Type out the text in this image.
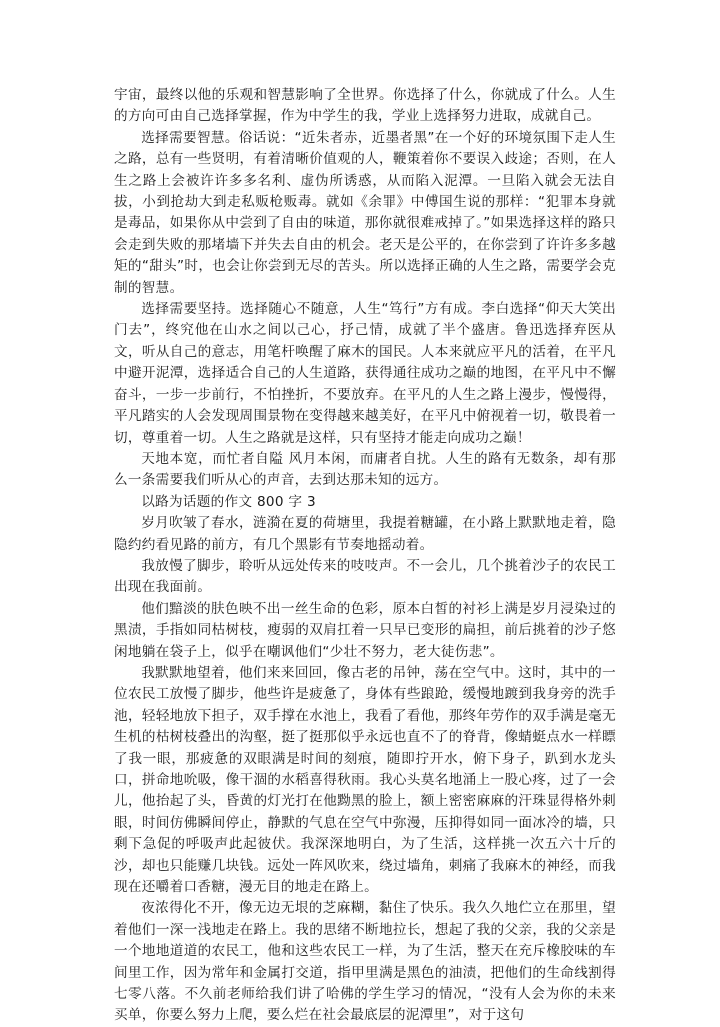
宇宙，最终以他的乐观和智慧影响了全世界。你选择了什么，你就成了什么。人生的方向可由自己选择掌握，作为中学生的我，学业上选择努力进取，成就自己。

选择需要智慧。俗话说：“近朱者赤，近墨者黑”在一个好的环境氛围下走人生之路，总有一些贤明，有着清晰价值观的人，鞭策着你不要误入歧途；否则，在人生之路上会被许许多多名利、虚伪所诱惑，从而陷入泥潭。一旦陷入就会无法自拔，小到抢劫大到走私贩枪贩毒。就如《余罪》中傅国生说的那样：“犯罪本身就是毒品，如果你从中尝到了自由的味道，那你就很难戒掉了。”如果选择这样的路只会走到失败的那堵墙下并失去自由的机会。老天是公平的，在你尝到了许许多多越矩的“甜头”时，也会让你尝到无尽的苦头。所以选择正确的人生之路，需要学会克制的智慧。

选择需要坚持。选择随心不随意，人生“笃行”方有成。李白选择“仰天大笑出门去”，终究他在山水之间以己心，抒己情，成就了半个盛唐。鲁迅选择弃医从文，听从自己的意志，用笔杆唤醒了麻木的国民。人本来就应平凡的活着，在平凡中避开泥潭，选择适合自己的人生道路，获得通往成功之巅的地图，在平凡中不懈奋斗，一步一步前行，不怕挫折，不要放弃。在平凡的人生之路上漫步，慢慢得，平凡踏实的人会发现周围景物在变得越来越美好，在平凡中俯视着一切，敬畏着一切，尊重着一切。人生之路就是这样，只有坚持才能走向成功之巅！

天地本宽，而忙者自隘 风月本闲，而庸者自扰。人生的路有无数条，却有那么一条需要我们听从心的声音，去到达那未知的远方。

以路为话题的作文 800 字 3

岁月吹皱了春水，涟漪在夏的荷塘里，我提着糖罐，在小路上默默地走着，隐隐约约看见路的前方，有几个黑影有节奏地摇动着。

我放慢了脚步，聆听从远处传来的吱吱声。不一会儿，几个挑着沙子的农民工出现在我面前。

他们黯淡的肤色映不出一丝生命的色彩，原本白皙的衬衫上满是岁月浸染过的黑渍，手指如同枯树枝，瘦弱的双肩扛着一只早已变形的扁担，前后挑着的沙子悠闲地躺在袋子上，似乎在嘲讽他们“少壮不努力，老大徒伤悲”。

我默默地望着，他们来来回回，像古老的吊钟，荡在空气中。这时，其中的一位农民工放慢了脚步，他些许是疲惫了，身体有些踉跄，缓慢地踱到我身旁的洗手池，轻轻地放下担子，双手撑在水池上，我看了看他，那终年劳作的双手满是毫无生机的枯树枝叠出的沟壑，挺了挺那似乎永远也直不了的脊背，像蜻蜓点水一样瞟了我一眼，那疲惫的双眼满是时间的刻痕，随即拧开水，俯下身子，趴到水龙头口，拼命地吮吸，像干涸的水稻喜得秋雨。我心头莫名地涌上一股心疼，过了一会儿，他抬起了头，昏黄的灯光打在他黝黑的脸上，额上密密麻麻的汗珠显得格外刺眼，时间仿佛瞬间停止，静默的气息在空气中弥漫，压抑得如同一面冰冷的墙，只剩下急促的呼吸声此起彼伏。我深深地明白，为了生活，这样挑一次五六十斤的沙，却也只能赚几块钱。远处一阵风吹来，绕过墙角，刺痛了我麻木的神经，而我现在还嚼着口香糖，漫无目的地走在路上。

夜浓得化不开，像无边无垠的芝麻糊，黏住了快乐。我久久地伫立在那里，望着他们一深一浅地走在路上。我的思绪不断地拉长，想起了我的父亲，我的父亲是一个地地道道的农民工，他和这些农民工一样，为了生活，整天在充斥橡胶味的车间里工作，因为常年和金属打交道，指甲里满是黑色的油渍，把他们的生命线割得七零八落。不久前老师给我们讲了哈佛的学生学习的情况，“没有人会为你的未来买单，你要么努力上爬，要么烂在社会最底层的泥潭里”，对于这句
